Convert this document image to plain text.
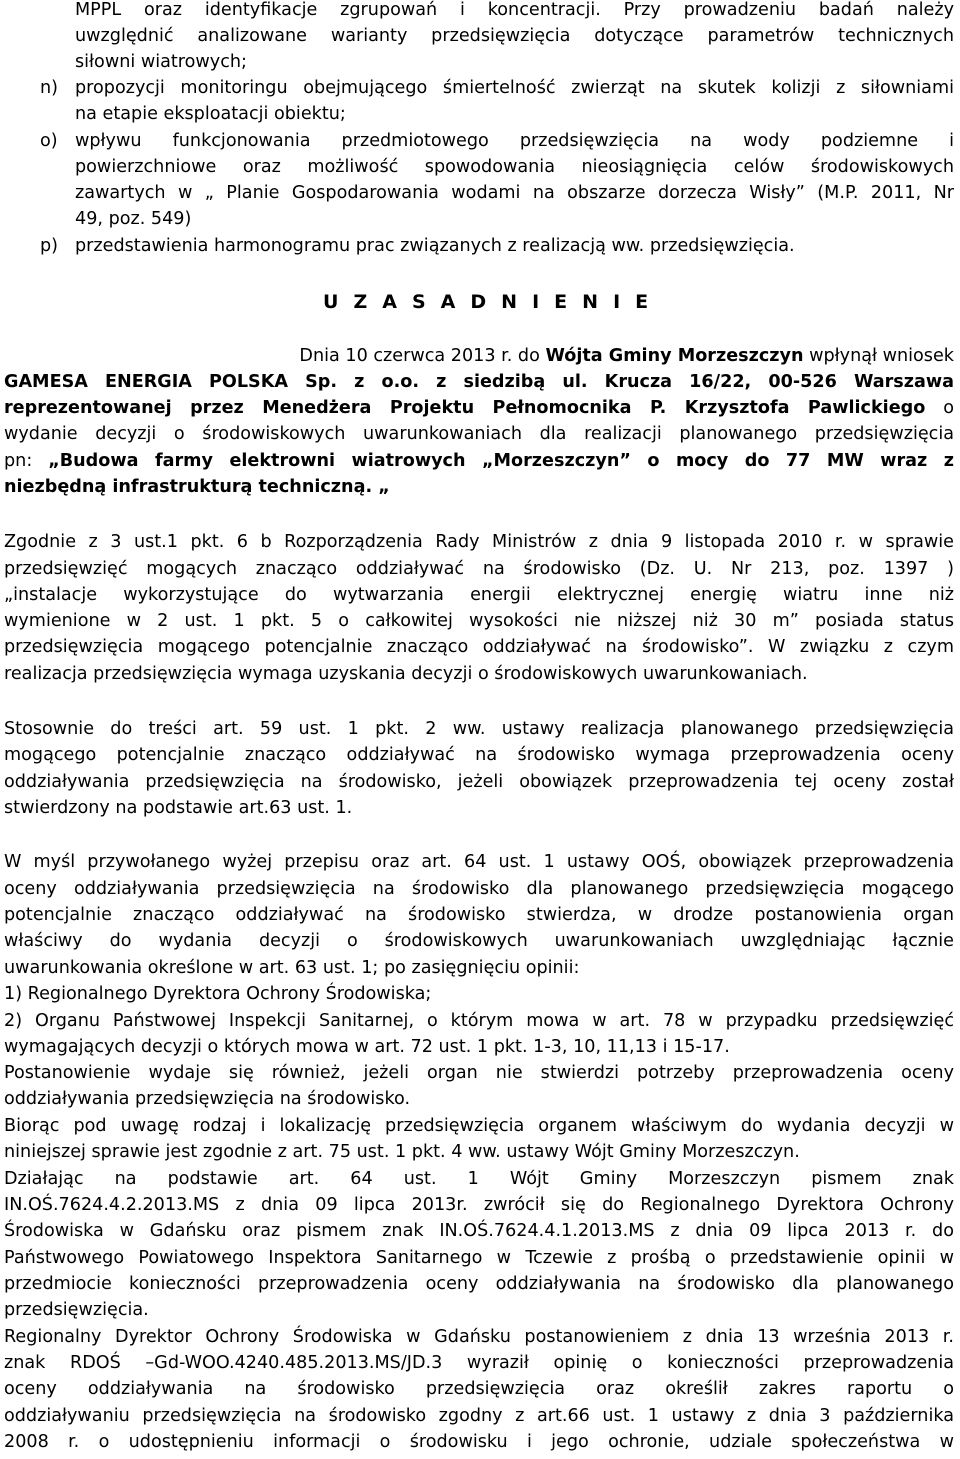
MPPL oraz identyfikacje zgrupowań i koncentracji. Przy prowadzeniu badań należy
uwzględnić analizowane warianty przedsięwzięcia dotyczące parametrów technicznych
siłowni wiatrowych;
n) propozycji monitoringu obejmującego śmiertelność zwierząt na skutek kolizji z siłowniami
na etapie eksploatacji obiektu;
o) wpływu funkcjonowania przedmiotowego przedsięwzięcia na wody podziemne i
powierzchniowe oraz możliwość spowodowania nieosiągnięcia celów środowiskowych
zawartych w „ Planie Gospodarowania wodami na obszarze dorzecza Wisły” (M.P. 2011, Nr
49, poz. 549)
p) przedstawienia harmonogramu prac związanych z realizacją ww. przedsięwzięcia.
U Z A S A D N I E N I E
Dnia 10 czerwca 2013 r. do Wójta Gminy Morzeszczyn wpłynął wniosek
GAMESA ENERGIA POLSKA Sp. z o.o. z siedzibą ul. Krucza 16/22, 00-526 Warszawa
reprezentowanej przez Menedżera Projektu Pełnomocnika P. Krzysztofa Pawlickiego o
wydanie decyzji o środowiskowych uwarunkowaniach dla realizacji planowanego przedsięwzięcia
pn: „Budowa farmy elektrowni wiatrowych „Morzeszczyn” o mocy do 77 MW wraz z
niezbędną infrastrukturą techniczną. „
Zgodnie z 3 ust.1 pkt. 6 b Rozporządzenia Rady Ministrów z dnia 9 listopada 2010 r. w sprawie
przedsięwzięć mogących znacząco oddziaływać na środowisko (Dz. U. Nr 213, poz. 1397 )
„instalacje wykorzystujące do wytwarzania energii elektrycznej energię wiatru inne niż
wymienione w 2 ust. 1 pkt. 5 o całkowitej wysokości nie niższej niż 30 m” posiada status
przedsięwzięcia mogącego potencjalnie znacząco oddziaływać na środowisko”. W związku z czym
realizacja przedsięwzięcia wymaga uzyskania decyzji o środowiskowych uwarunkowaniach.
Stosownie do treści art. 59 ust. 1 pkt. 2 ww. ustawy realizacja planowanego przedsięwzięcia
mogącego potencjalnie znacząco oddziaływać na środowisko wymaga przeprowadzenia oceny
oddziaływania przedsięwzięcia na środowisko, jeżeli obowiązek przeprowadzenia tej oceny został
stwierdzony na podstawie art.63 ust. 1.
W myśl przywołanego wyżej przepisu oraz art. 64 ust. 1 ustawy OOŚ, obowiązek przeprowadzenia
oceny oddziaływania przedsięwzięcia na środowisko dla planowanego przedsięwzięcia mogącego
potencjalnie znacząco oddziaływać na środowisko stwierdza, w drodze postanowienia organ
właściwy do wydania decyzji o środowiskowych uwarunkowaniach uwzględniając łącznie
uwarunkowania określone w art. 63 ust. 1; po zasięgnięciu opinii:
1) Regionalnego Dyrektora Ochrony Środowiska;
2) Organu Państwowej Inspekcji Sanitarnej, o którym mowa w art. 78 w przypadku przedsięwzięć
wymagających decyzji o których mowa w art. 72 ust. 1 pkt. 1-3, 10, 11,13 i 15-17.
Postanowienie wydaje się również, jeżeli organ nie stwierdzi potrzeby przeprowadzenia oceny
oddziaływania przedsięwzięcia na środowisko.
Biorąc pod uwagę rodzaj i lokalizację przedsięwzięcia organem właściwym do wydania decyzji w
niniejszej sprawie jest zgodnie z art. 75 ust. 1 pkt. 4 ww. ustawy Wójt Gminy Morzeszczyn.
Działając na podstawie art. 64 ust. 1 Wójt Gminy Morzeszczyn pismem znak
IN.OŚ.7624.4.2.2013.MS z dnia 09 lipca 2013r. zwrócił się do Regionalnego Dyrektora Ochrony
Środowiska w Gdańsku oraz pismem znak IN.OŚ.7624.4.1.2013.MS z dnia 09 lipca 2013 r. do
Państwowego Powiatowego Inspektora Sanitarnego w Tczewie z prośbą o przedstawienie opinii w
przedmiocie konieczności przeprowadzenia oceny oddziaływania na środowisko dla planowanego
przedsięwzięcia.
Regionalny Dyrektor Ochrony Środowiska w Gdańsku postanowieniem z dnia 13 września 2013 r.
znak RDOŚ –Gd-WOO.4240.485.2013.MS/JD.3 wyraził opinię o konieczności przeprowadzenia
oceny oddziaływania na środowisko przedsięwzięcia oraz określił zakres raportu o
oddziaływaniu przedsięwzięcia na środowisko zgodny z art.66 ust. 1 ustawy z dnia 3 października
2008 r. o udostępnieniu informacji o środowisku i jego ochronie, udziale społeczeństwa w
